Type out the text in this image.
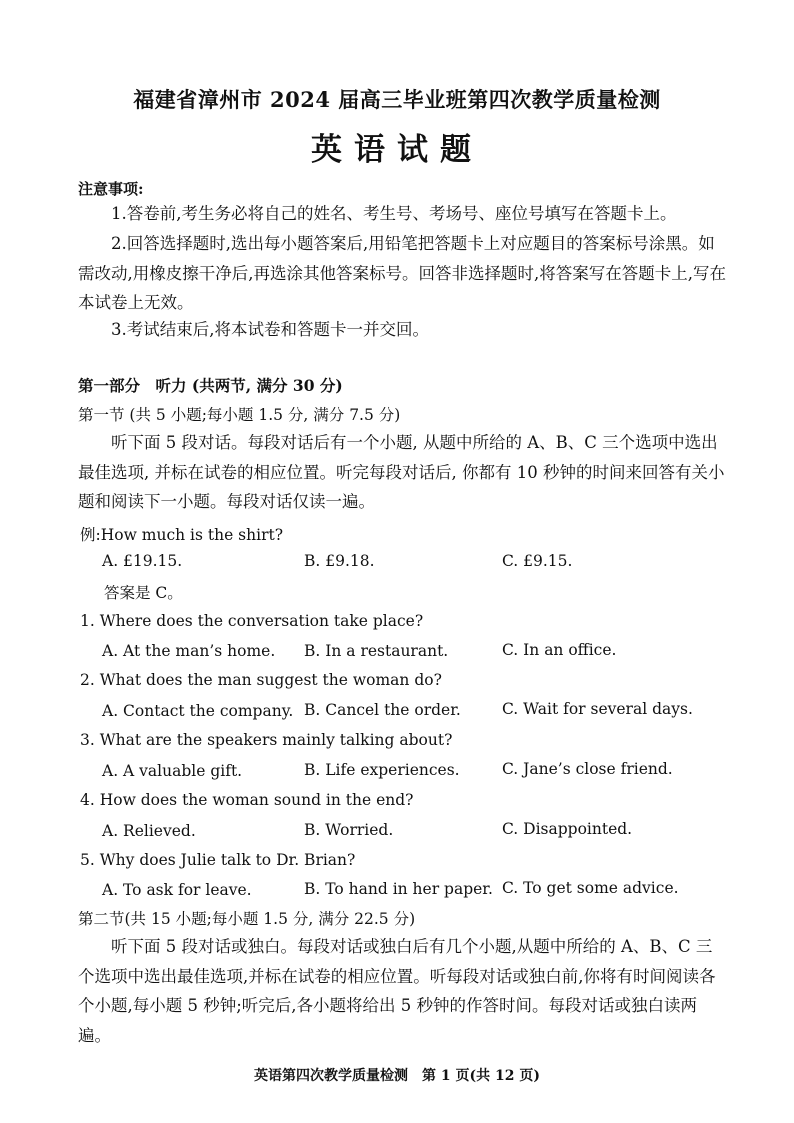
福建省漳州市 2024 届高三毕业班第四次教学质量检测
英语试题
注意事项:
1.答卷前,考生务必将自己的姓名、考生号、考场号、座位号填写在答题卡上。
2.回答选择题时,选出每小题答案后,用铅笔把答题卡上对应题目的答案标号涂黑。如需改动,用橡皮擦干净后,再选涂其他答案标号。回答非选择题时,将答案写在答题卡上,写在本试卷上无效。
3.考试结束后,将本试卷和答题卡一并交回。
第一部分　听力 (共两节, 满分 30 分)
第一节 (共 5 小题;每小题 1.5 分, 满分 7.5 分)
听下面 5 段对话。每段对话后有一个小题, 从题中所给的 A、B、C 三个选项中选出最佳选项, 并标在试卷的相应位置。听完每段对话后, 你都有 10 秒钟的时间来回答有关小题和阅读下一小题。每段对话仅读一遍。
例:How much is the shirt?
A. £19.15.	B. £9.18.	C. £9.15.
答案是 C。
1. Where does the conversation take place?
A. At the man’s home. B. In a restaurant.	C. In an office.
2. What does the man suggest the woman do?
A. Contact the company. B. Cancel the order.	C. Wait for several days.
3. What are the speakers mainly talking about?
A. A valuable gift.	B. Life experiences.	C. Jane’s close friend.
4. How does the woman sound in the end?
A. Relieved.	B. Worried.	C. Disappointed.
5. Why does Julie talk to Dr. Brian?
A. To ask for leave.	B. To hand in her paper. C. To get some advice.
第二节(共 15 小题;每小题 1.5 分, 满分 22.5 分)
听下面 5 段对话或独白。每段对话或独白后有几个小题,从题中所给的 A、B、C 三个选项中选出最佳选项,并标在试卷的相应位置。听每段对话或独白前,你将有时间阅读各个小题,每小题 5 秒钟;听完后,各小题将给出 5 秒钟的作答时间。每段对话或独白读两遍。
英语第四次教学质量检测　第 1 页(共 12 页)
